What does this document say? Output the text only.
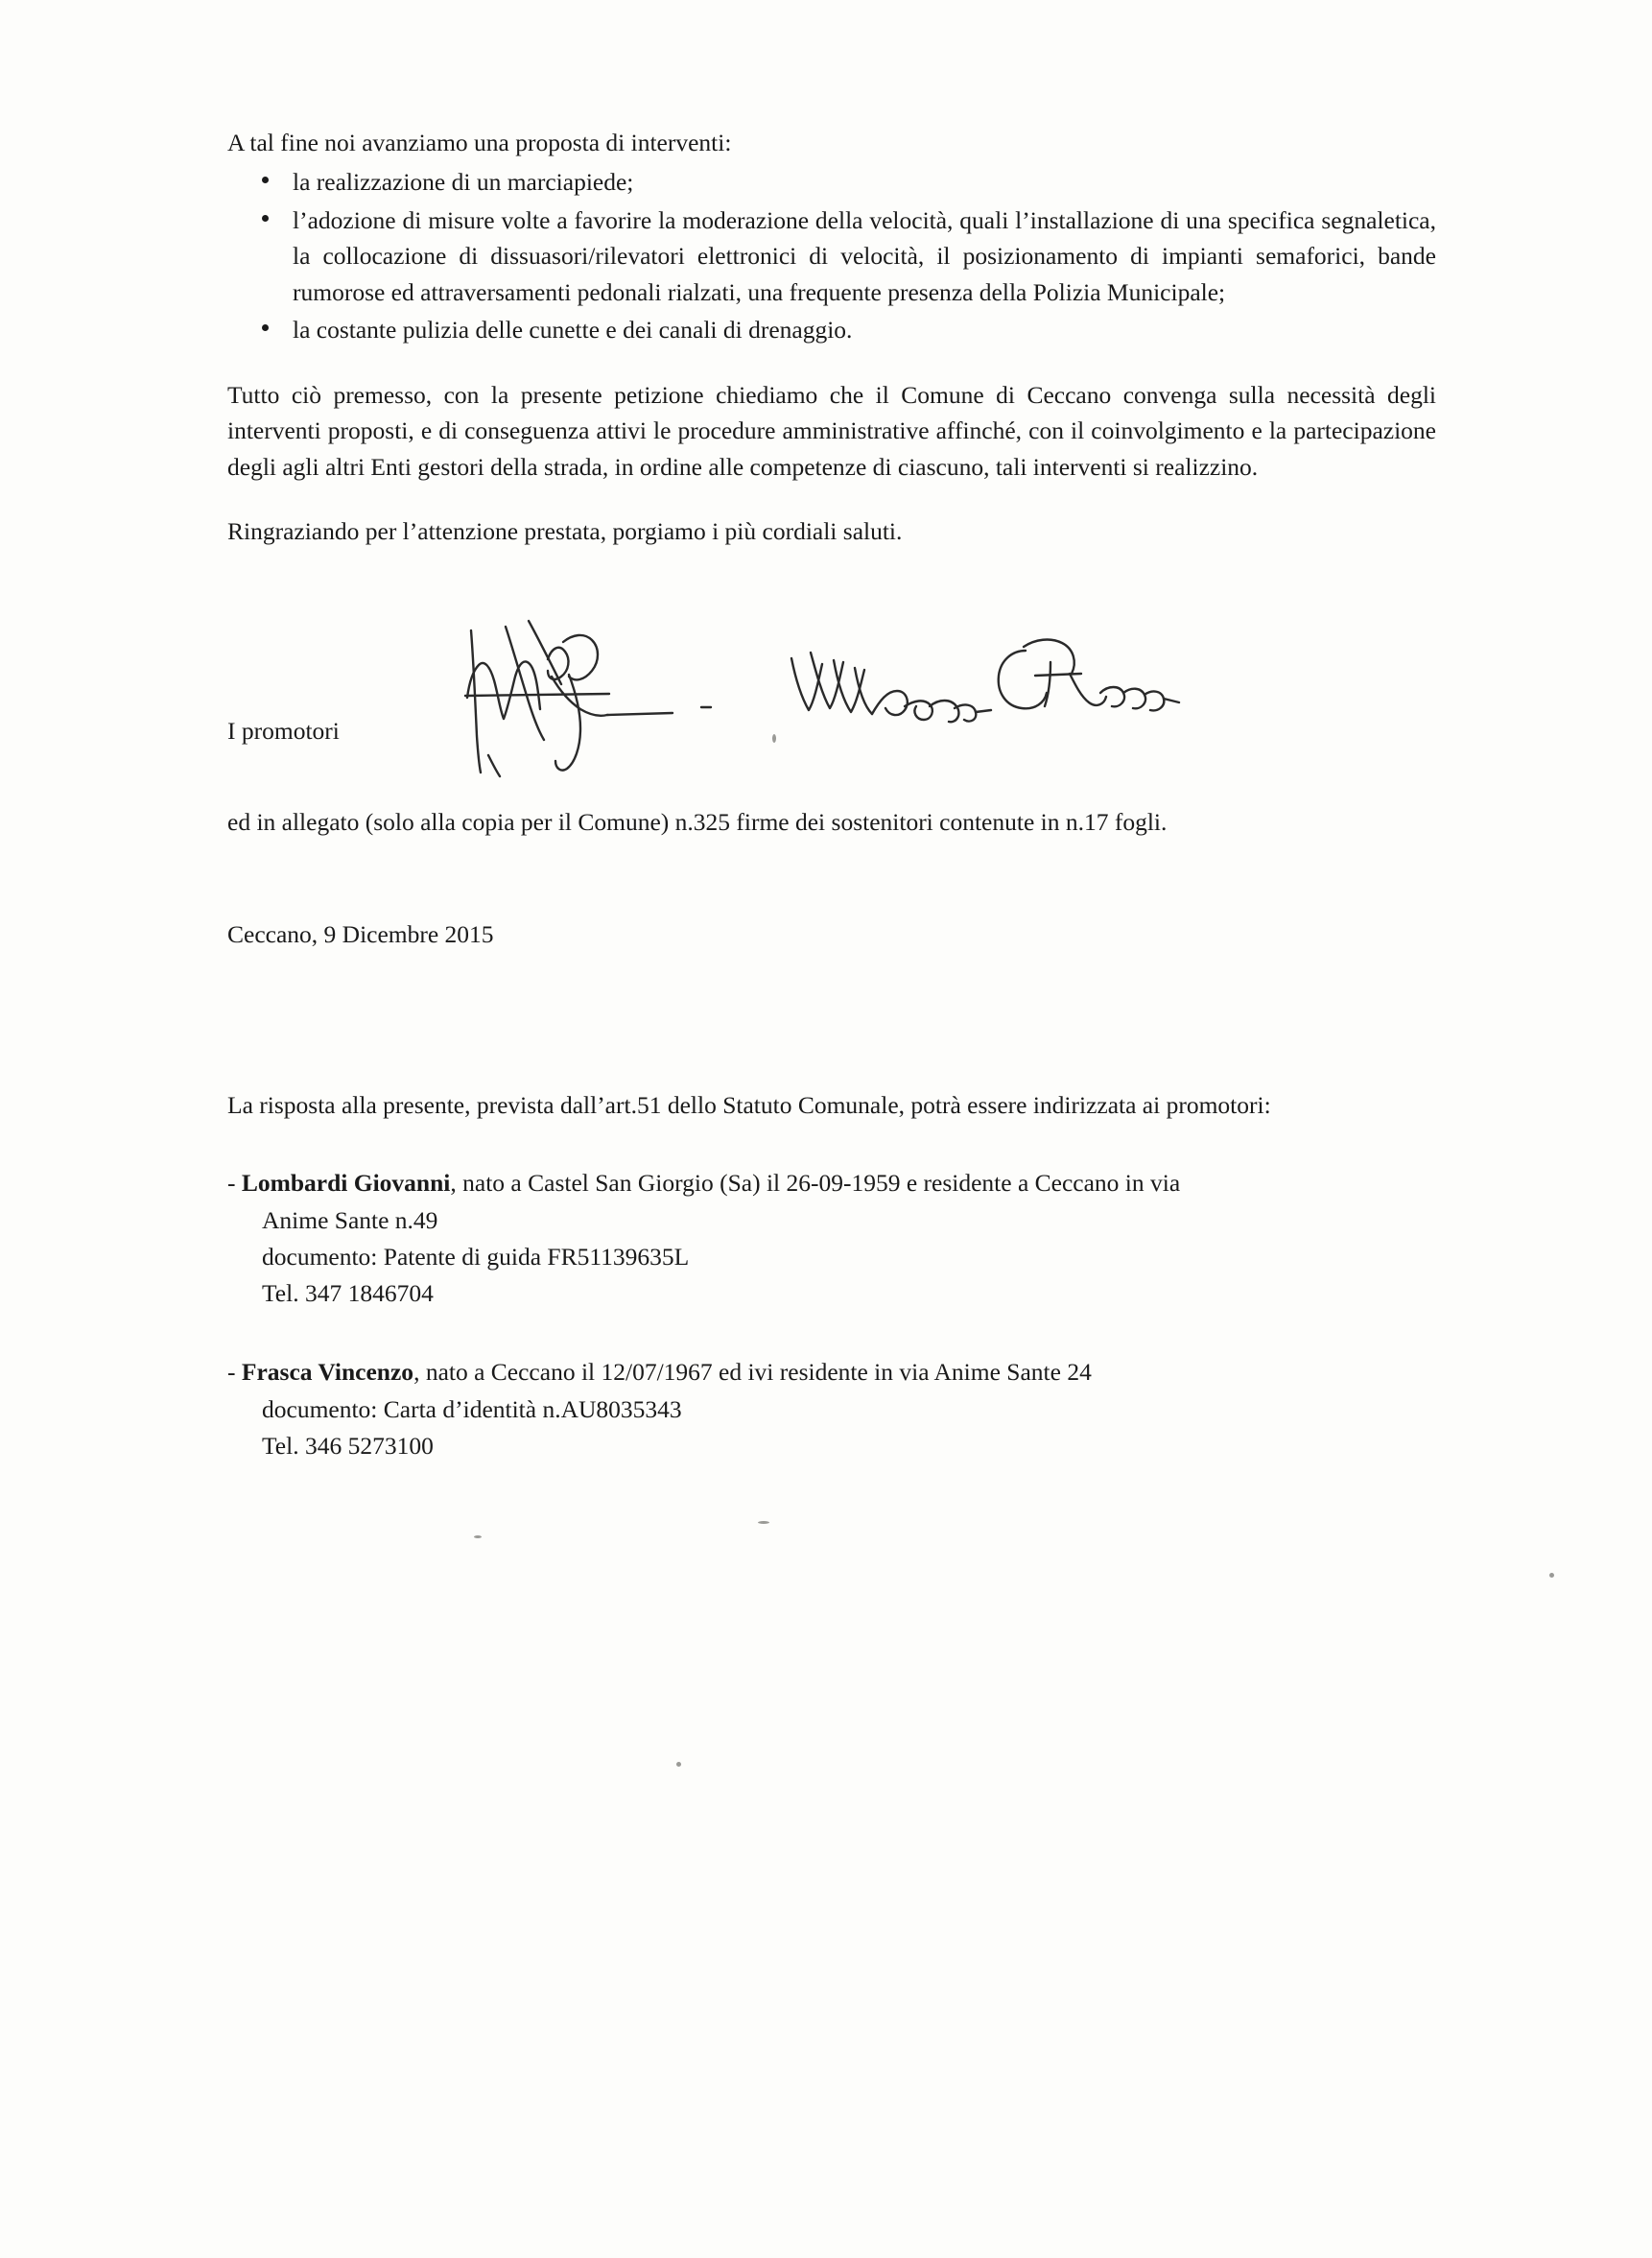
A tal fine noi avanziamo una proposta di interventi:

la realizzazione di un marciapiede;
l’adozione di misure volte a favorire la moderazione della velocità, quali l’installazione di una specifica segnaletica, la collocazione di dissuasori/rilevatori elettronici di velocità, il posizionamento di impianti semaforici, bande rumorose ed attraversamenti pedonali rialzati, una frequente presenza della Polizia Municipale;
la costante pulizia delle cunette e dei canali di drenaggio.

Tutto ciò premesso, con la presente petizione chiediamo che il Comune di Ceccano convenga sulla necessità degli interventi proposti, e di conseguenza attivi le procedure amministrative affinché, con il coinvolgimento e la partecipazione degli agli altri Enti gestori della strada, in ordine alle competenze di ciascuno, tali interventi si realizzino.

Ringraziando per l’attenzione prestata, porgiamo i più cordiali saluti.

I promotori

ed in allegato (solo alla copia per il Comune) n.325 firme dei sostenitori contenute in n.17 fogli.

Ceccano, 9 Dicembre 2015

La risposta alla presente, prevista dall’art.51 dello Statuto Comunale, potrà essere indirizzata ai promotori:

- Lombardi Giovanni, nato a Castel San Giorgio (Sa) il 26-09-1959 e residente a Ceccano in via
Anime Sante n.49
documento: Patente di guida FR51139635L
Tel. 347 1846704
- Frasca Vincenzo, nato a Ceccano il 12/07/1967 ed ivi residente in via Anime Sante 24
documento: Carta d’identità n.AU8035343
Tel. 346 5273100
